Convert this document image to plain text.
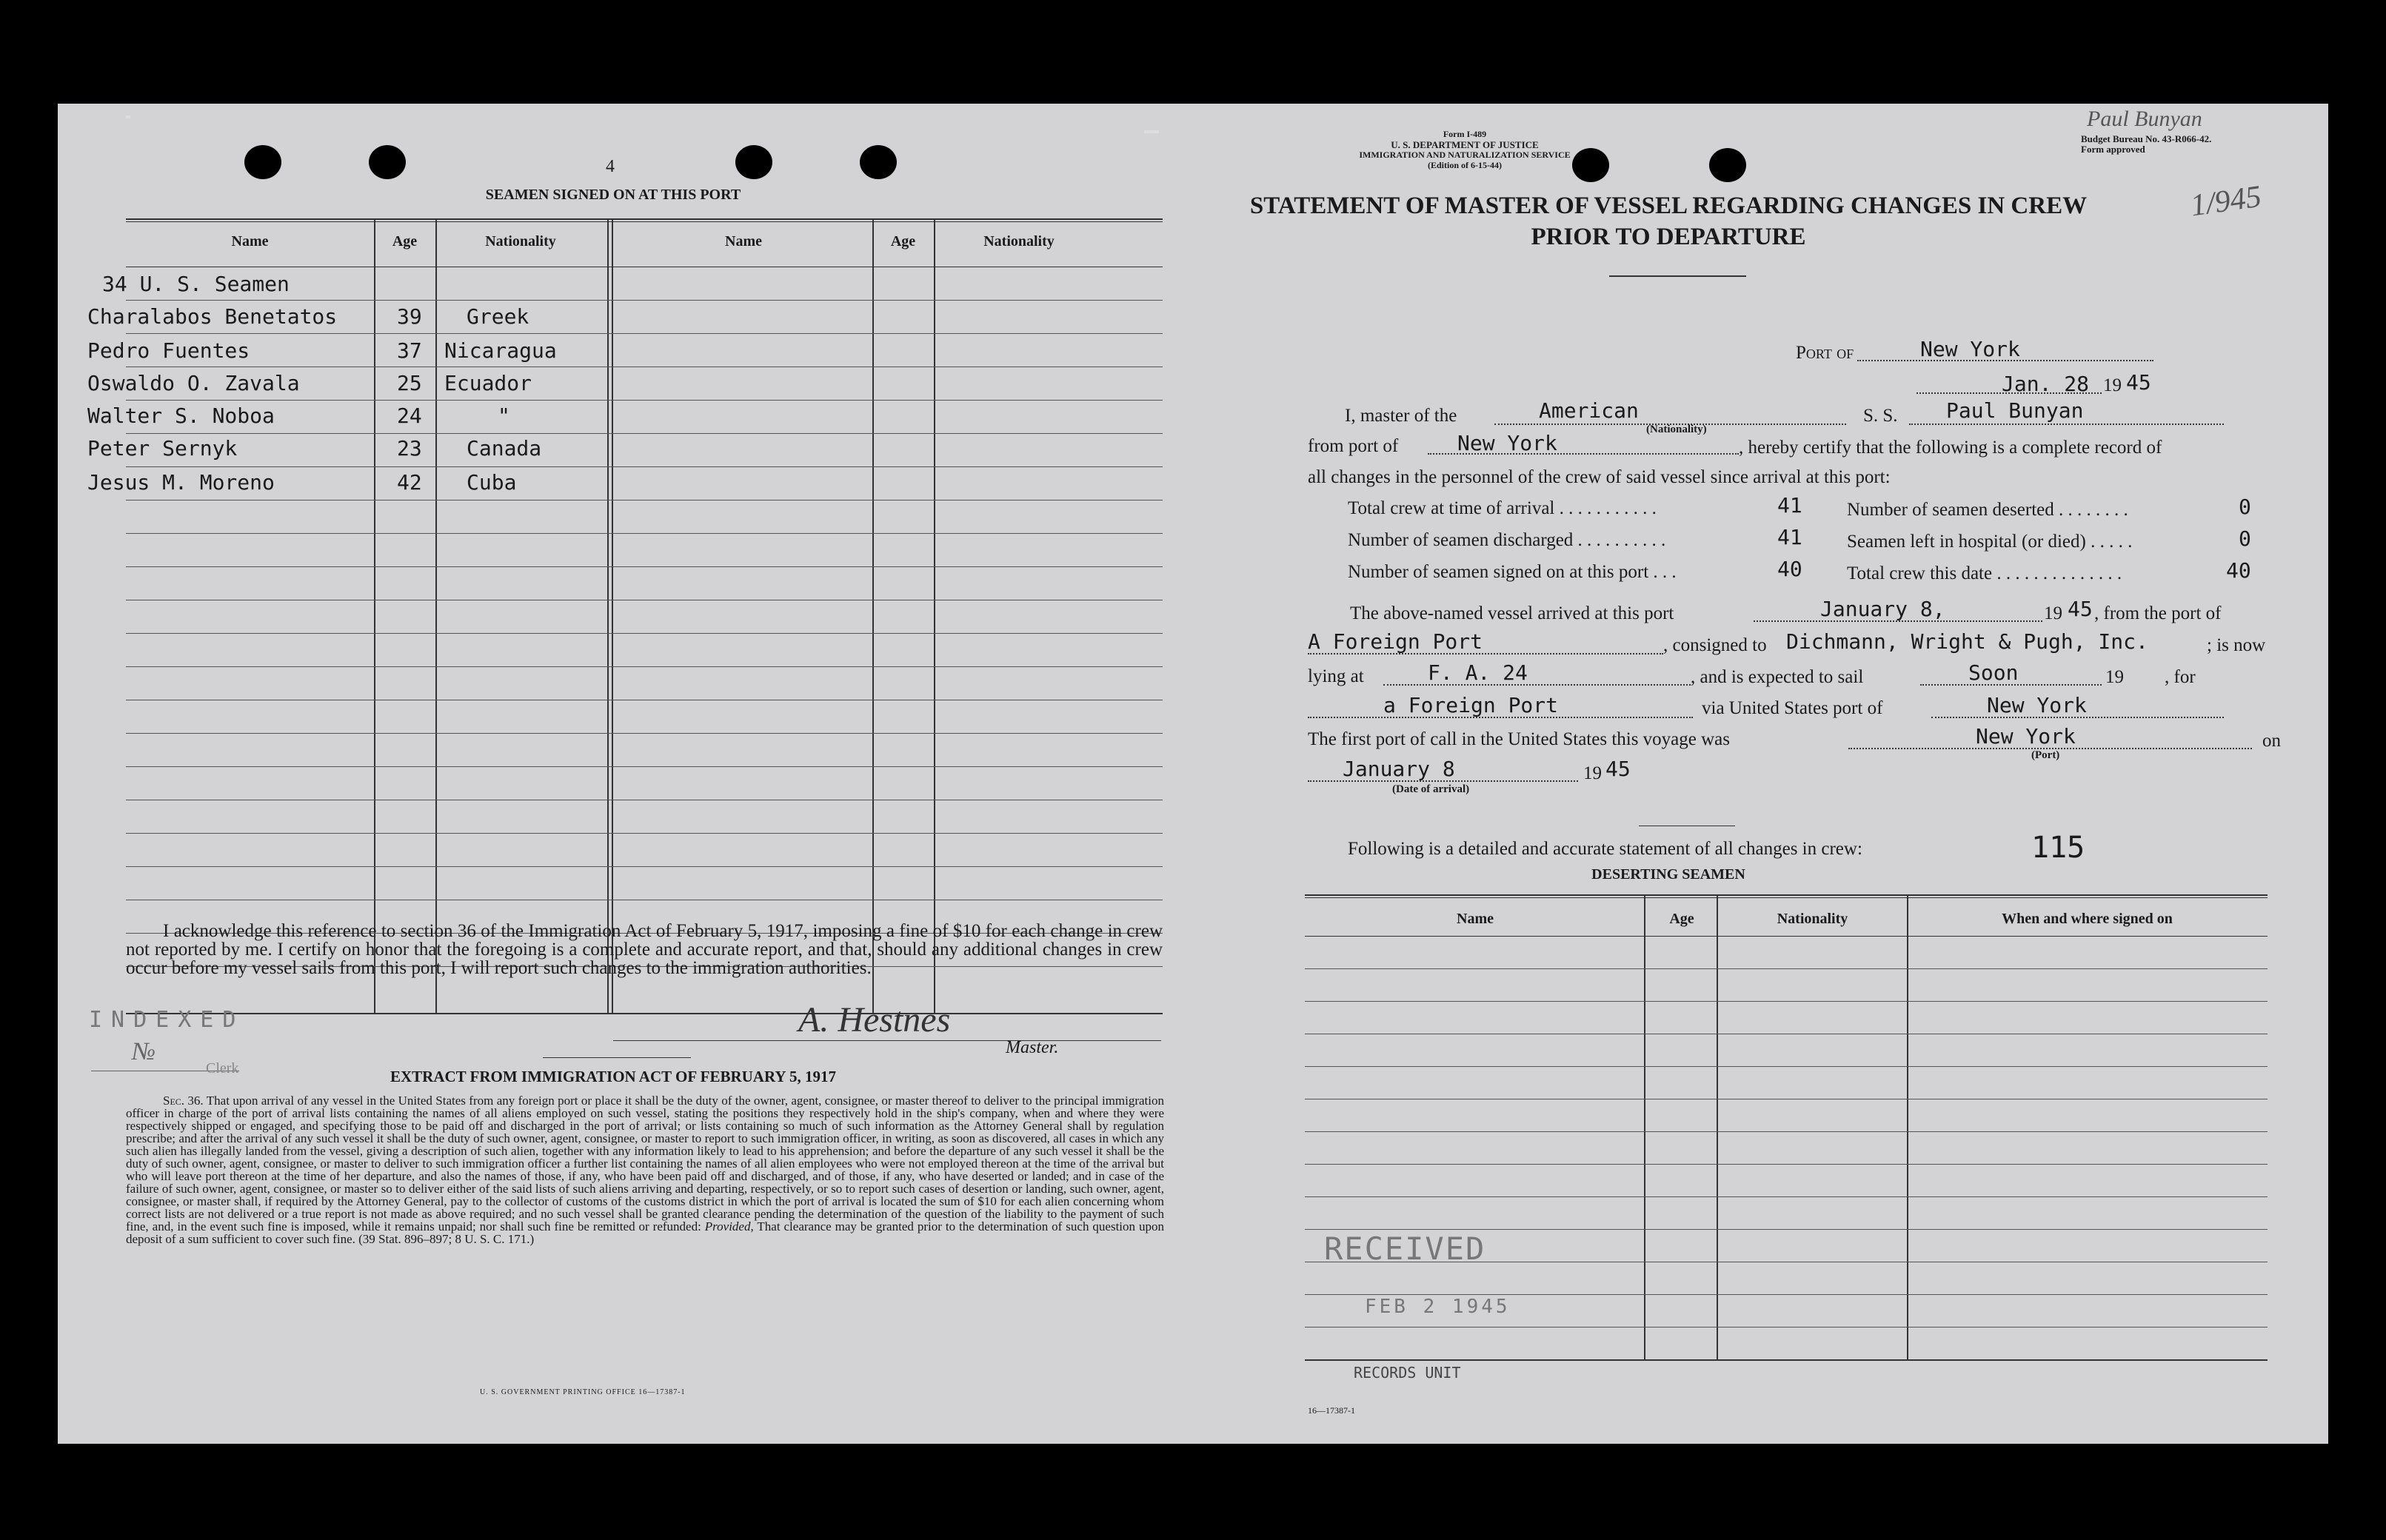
4
SEAMEN SIGNED ON AT THIS PORT
Name	Age	Nationality	Name	Age	Nationality
34 U. S. Seamen
Charalabos Benetatos	39 Greek
Pedro Fuentes	37 Nicaragua
Oswaldo O. Zavala	25 Ecuador
Walter S. Noboa	24	"
Peter Sernyk	23 Canada
Jesus M. Moreno	42 Cuba
I acknowledge this reference to section 36 of the Immigration Act of February 5, 1917, imposing a fine of $10 for each change in crew not reported by me. I certify on honor that the foregoing is a complete and accurate report, and that, should any additional changes in crew occur before my vessel sails from this port, I will report such changes to the immigration authorities.
INDEXED
№
Clerk
A. Hestnes
Master.
EXTRACT FROM IMMIGRATION ACT OF FEBRUARY 5, 1917
Sec. 36. That upon arrival of any vessel in the United States from any foreign port or place it shall be the duty of the owner, agent, consignee, or master thereof to deliver to the principal immigration officer in charge of the port of arrival lists containing the names of all aliens employed on such vessel, stating the positions they respectively hold in the ship's company, when and where they were respectively shipped or engaged, and specifying those to be paid off and discharged in the port of arrival; or lists containing so much of such information as the Attorney General shall by regulation prescribe; and after the arrival of any such vessel it shall be the duty of such owner, agent, consignee, or master to report to such immigration officer, in writing, as soon as discovered, all cases in which any such alien has illegally landed from the vessel, giving a description of such alien, together with any information likely to lead to his apprehension; and before the departure of any such vessel it shall be the duty of such owner, agent, consignee, or master to deliver to such immigration officer a further list containing the names of all alien employees who were not employed thereon at the time of the arrival but who will leave port thereon at the time of her departure, and also the names of those, if any, who have been paid off and discharged, and of those, if any, who have deserted or landed; and in case of the failure of such owner, agent, consignee, or master so to deliver either of the said lists of such aliens arriving and departing, respectively, or so to report such cases of desertion or landing, such owner, agent, consignee, or master shall, if required by the Attorney General, pay to the collector of customs of the customs district in which the port of arrival is located the sum of $10 for each alien concerning whom correct lists are not delivered or a true report is not made as above required; and no such vessel shall be granted clearance pending the determination of the question of the liability to the payment of such fine, and, in the event such fine is imposed, while it remains unpaid; nor shall such fine be remitted or refunded: Provided, That clearance may be granted prior to the determination of such question upon deposit of a sum sufficient to cover such fine. (39 Stat. 896–897; 8 U. S. C. 171.)
U. S. GOVERNMENT PRINTING OFFICE 16—17387-1
Form I-489
U. S. DEPARTMENT OF JUSTICE
IMMIGRATION AND NATURALIZATION SERVICE
(Edition of 6-15-44)
Budget Bureau No. 43-R066-42.
Form approved
Paul Bunyan
1/945
STATEMENT OF MASTER OF VESSEL REGARDING CHANGES IN CREW
PRIOR TO DEPARTURE
Port of	New York
Jan. 28 19 45
I, master of the	American
(Nationality)
S. S. Paul Bunyan
from port of	New York	, hereby certify that the following is a complete record of
all changes in the personnel of the crew of said vessel since arrival at this port:
Total crew at time of arrival . . . . . . . . . . .	41
Number of seamen discharged . . . . . . . . . .	41
Number of seamen signed on at this port . . .	40
Number of seamen deserted . . . . . . . .	0
Seamen left in hospital (or died) . . . . .	0
Total crew this date . . . . . . . . . . . . . .	40
The above-named vessel arrived at this port	January 8,	19 45 , from the port of
A Foreign Port	, consigned to Dichmann, Wright & Pugh, Inc.	; is now
lying at	F. A. 24	, and is expected to sail	Soon	19 , for
a Foreign Port	via United States port of	New York
The first port of call in the United States this voyage was	New York
(Port)
on
January 8
(Date of arrival)
19 45
Following is a detailed and accurate statement of all changes in crew:	115
DESERTING SEAMEN
Name	Age	Nationality	When and where signed on
RECEIVED
FEB 2 1945
RECORDS UNIT
16—17387-1
